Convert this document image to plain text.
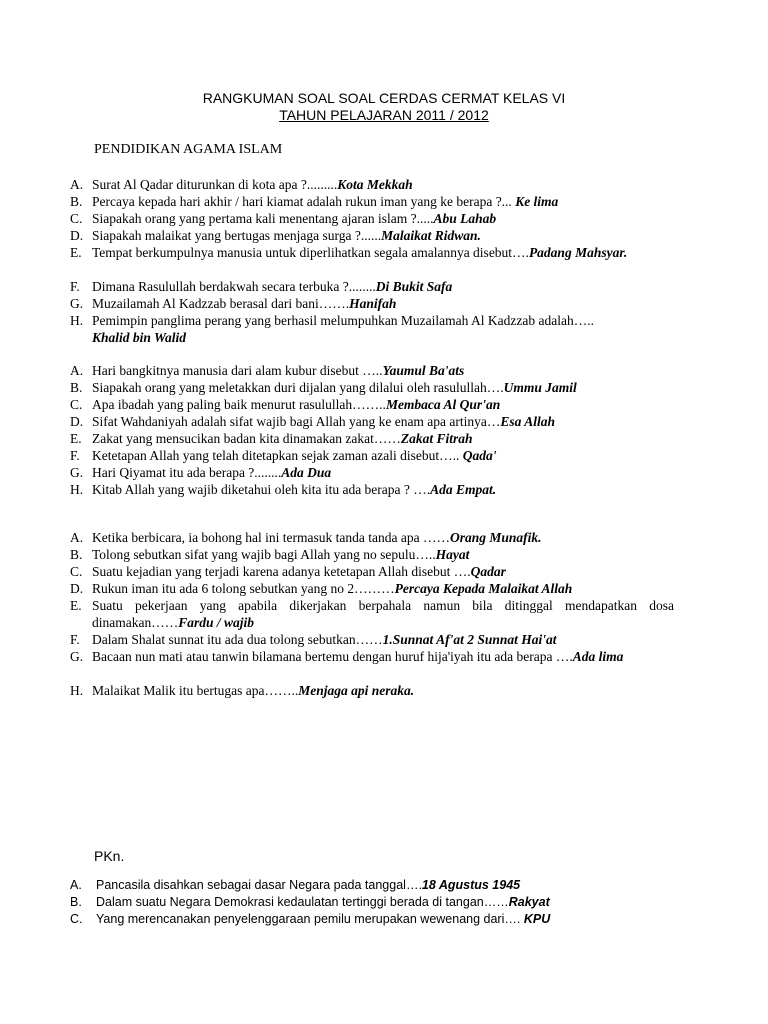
RANGKUMAN SOAL SOAL CERDAS CERMAT KELAS VI
TAHUN PELAJARAN 2011 / 2012
PENDIDIKAN AGAMA ISLAM
A. Surat Al Qadar diturunkan di kota apa ?.........Kota Mekkah
B. Percaya kepada hari akhir / hari kiamat adalah rukun iman yang ke berapa ?... Ke lima
C. Siapakah orang yang pertama kali menentang ajaran islam ?.....Abu Lahab
D. Siapakah malaikat yang bertugas menjaga surga ?......Malaikat Ridwan.
E. Tempat berkumpulnya manusia untuk diperlihatkan segala amalannya disebut….Padang Mahsyar.
F. Dimana Rasulullah berdakwah secara terbuka ?........Di Bukit Safa
G. Muzailamah Al Kadzzab berasal dari bani…….Hanifah
H. Pemimpin panglima perang yang berhasil melumpuhkan Muzailamah Al Kadzzab adalah…..
Khalid bin Walid
A. Hari bangkitnya manusia dari alam kubur disebut …..Yaumul Ba'ats
B. Siapakah orang yang meletakkan duri dijalan yang dilalui oleh rasulullah….Ummu Jamil
C. Apa ibadah yang paling baik menurut rasulullah……..Membaca Al Qur'an
D. Sifat Wahdaniyah adalah sifat wajib bagi Allah yang ke enam apa artinya…Esa Allah
E. Zakat yang mensucikan badan kita dinamakan zakat……Zakat Fitrah
F. Ketetapan Allah yang telah ditetapkan sejak zaman azali disebut….. Qada'
G. Hari Qiyamat itu ada berapa ?........Ada Dua
H. Kitab Allah yang wajib diketahui oleh kita itu ada berapa ? ….Ada Empat.
A. Ketika berbicara, ia bohong hal ini termasuk tanda tanda apa ……Orang Munafik.
B. Tolong sebutkan sifat yang wajib bagi Allah yang no sepulu…..Hayat
C. Suatu kejadian yang terjadi karena adanya ketetapan Allah disebut ….Qadar
D. Rukun iman itu ada 6 tolong sebutkan yang no 2………Percaya Kepada Malaikat Allah
E. Suatu pekerjaan yang apabila dikerjakan berpahala namun bila ditinggal mendapatkan dosa dinamakan……Fardu / wajib
F. Dalam Shalat sunnat itu ada dua tolong sebutkan……1.Sunnat Af'at 2 Sunnat Hai'at
G. Bacaan nun mati atau tanwin bilamana bertemu dengan huruf hija'iyah itu ada berapa ….Ada lima
H. Malaikat Malik itu bertugas apa……..Menjaga api neraka.
PKn.
A. Pancasila disahkan sebagai dasar Negara pada tanggal….18 Agustus 1945
B. Dalam suatu Negara Demokrasi kedaulatan tertinggi berada di tangan……Rakyat
C. Yang merencanakan penyelenggaraan pemilu merupakan wewenang dari…. KPU
